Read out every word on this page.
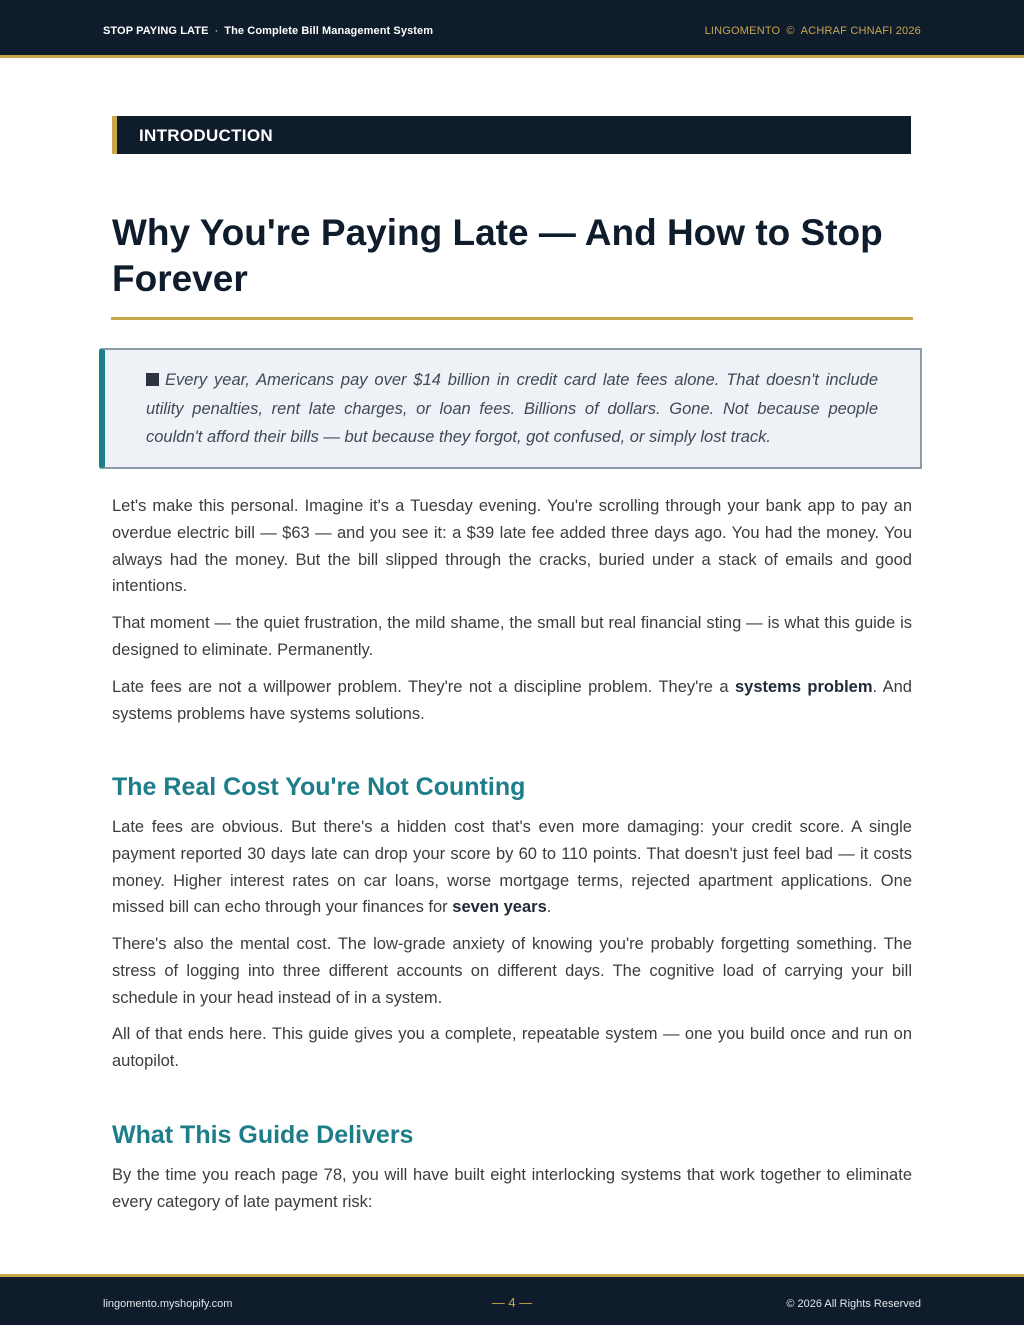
STOP PAYING LATE · The Complete Bill Management System	LINGOMENTO © ACHRAF CHNAFI 2026
INTRODUCTION
Why You're Paying Late — And How to Stop Forever

Every year, Americans pay over $14 billion in credit card late fees alone. That doesn't include utility penalties, rent late charges, or loan fees. Billions of dollars. Gone. Not because people couldn't afford their bills — but because they forgot, got confused, or simply lost track.

Let's make this personal. Imagine it's a Tuesday evening. You're scrolling through your bank app to pay an overdue electric bill — $63 — and you see it: a $39 late fee added three days ago. You had the money. You always had the money. But the bill slipped through the cracks, buried under a stack of emails and good intentions.

That moment — the quiet frustration, the mild shame, the small but real financial sting — is what this guide is designed to eliminate. Permanently.

Late fees are not a willpower problem. They're not a discipline problem. They're a systems problem. And systems problems have systems solutions.

The Real Cost You're Not Counting

Late fees are obvious. But there's a hidden cost that's even more damaging: your credit score. A single payment reported 30 days late can drop your score by 60 to 110 points. That doesn't just feel bad — it costs money. Higher interest rates on car loans, worse mortgage terms, rejected apartment applications. One missed bill can echo through your finances for seven years.

There's also the mental cost. The low-grade anxiety of knowing you're probably forgetting something. The stress of logging into three different accounts on different days. The cognitive load of carrying your bill schedule in your head instead of in a system.

All of that ends here. This guide gives you a complete, repeatable system — one you build once and run on autopilot.

What This Guide Delivers

By the time you reach page 78, you will have built eight interlocking systems that work together to eliminate every category of late payment risk:

lingomento.myshopify.com	— 4 —	© 2026 All Rights Reserved
